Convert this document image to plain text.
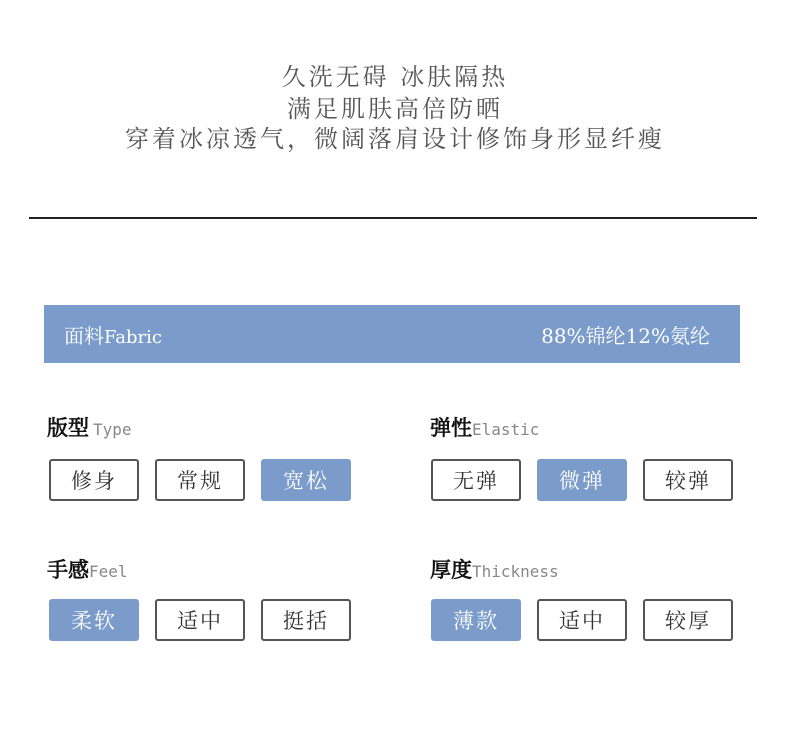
久洗无碍 冰肤隔热
满足肌肤高倍防晒
穿着冰凉透气，微阔落肩设计修饰身形显纤瘦
面料 Fabric	88%锦纶12%氨纶
版型 Type
修身	常规	宽松
弹性 Elastic
无弹	微弹	较弹
手感 Feel
柔软	适中	挺括
厚度 Thickness
薄款	适中	较厚
